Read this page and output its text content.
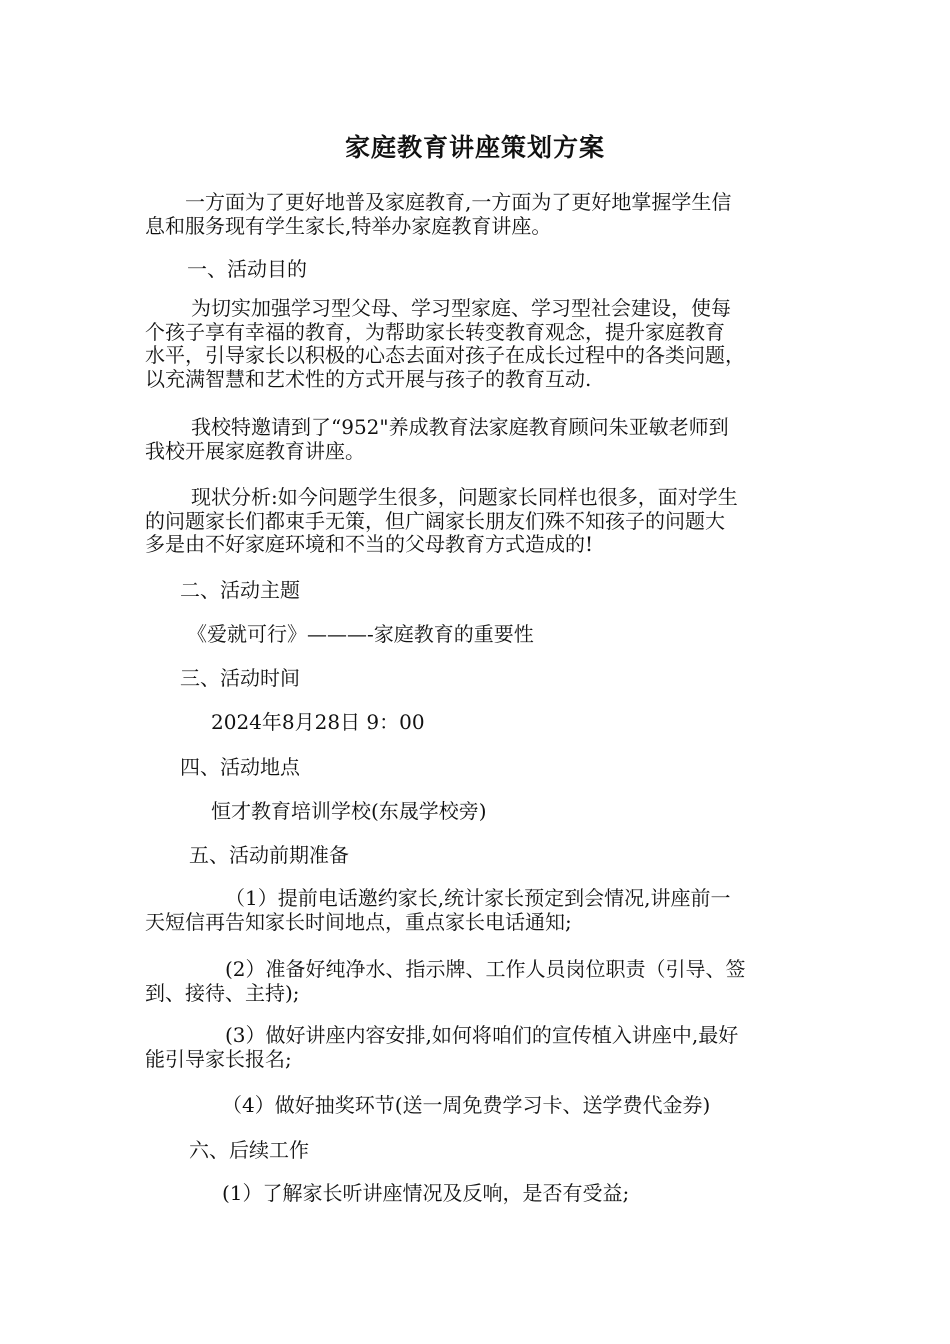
家庭教育讲座策划方案
一方面为了更好地普及家庭教育,一方面为了更好地掌握学生信
息和服务现有学生家长,特举办家庭教育讲座。
一、活动目的
为切实加强学习型父母、学习型家庭、学习型社会建设，使每
个孩子享有幸福的教育，为帮助家长转变教育观念，提升家庭教育
水平，引导家长以积极的心态去面对孩子在成长过程中的各类问题，
以充满智慧和艺术性的方式开展与孩子的教育互动.
我校特邀请到了“952"养成教育法家庭教育顾问朱亚敏老师到
我校开展家庭教育讲座。
现状分析:如今问题学生很多，问题家长同样也很多，面对学生
的问题家长们都束手无策，但广阔家长朋友们殊不知孩子的问题大
多是由不好家庭环境和不当的父母教育方式造成的!
二、活动主题
《爱就可行》———-家庭教育的重要性
三、活动时间
2024年8月28日 9：00
四、活动地点
恒才教育培训学校(东晟学校旁)
五、活动前期准备
（1）提前电话邀约家长,统计家长预定到会情况,讲座前一
天短信再告知家长时间地点，重点家长电话通知;
(2）准备好纯净水、指示牌、工作人员岗位职责（引导、签
到、接待、主持);
(3）做好讲座内容安排,如何将咱们的宣传植入讲座中,最好
能引导家长报名;
（4）做好抽奖环节(送一周免费学习卡、送学费代金券)
六、后续工作
(1）了解家长听讲座情况及反响，是否有受益;
